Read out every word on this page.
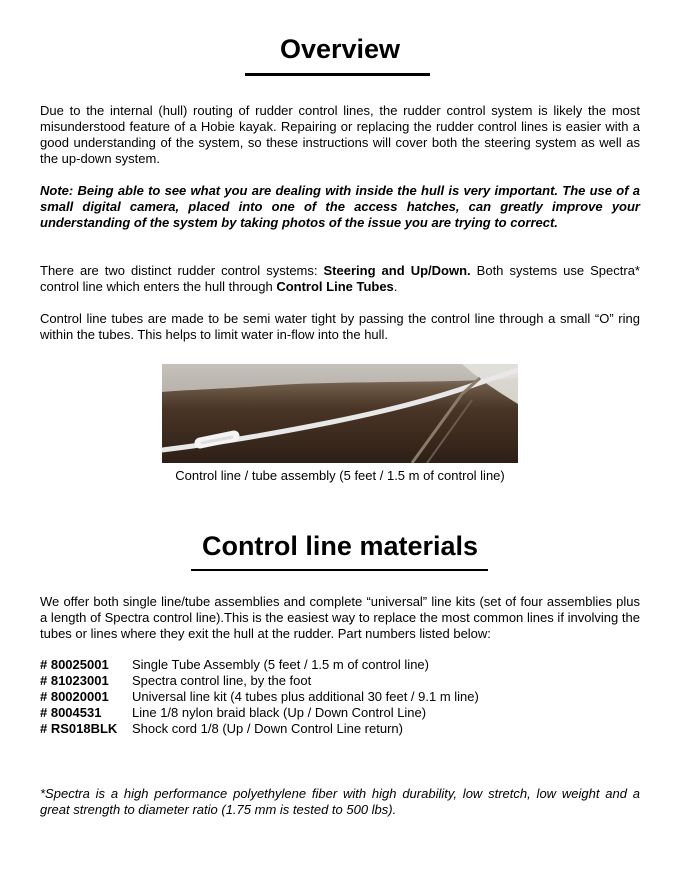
Overview

Due to the internal (hull) routing of rudder control lines, the rudder control system is likely the most misunderstood feature of a Hobie kayak. Repairing or replacing the rudder control lines is easier with a good understanding of the system, so these instructions will cover both the steering system as well as the up-down system.

Note: Being able to see what you are dealing with inside the hull is very important. The use of a small digital camera, placed into one of the access hatches, can greatly improve your understanding of the system by taking photos of the issue you are trying to correct.

There are two distinct rudder control systems: Steering and Up/Down. Both systems use Spectra* control line which enters the hull through Control Line Tubes.

Control line tubes are made to be semi water tight by passing the control line through a small “O” ring within the tubes. This helps to limit water in-flow into the hull.

Control line / tube assembly (5 feet / 1.5 m of control line)

Control line materials

We offer both single line/tube assemblies and complete “universal” line kits (set of four assemblies plus a length of Spectra control line).This is the easiest way to replace the most common lines if involving the tubes or lines where they exit the hull at the rudder. Part numbers listed below:

# 80025001	Single Tube Assembly (5 feet / 1.5 m of control line)
# 81023001	Spectra control line, by the foot
# 80020001	Universal line kit (4 tubes plus additional 30 feet / 9.1 m line)
# 8004531	Line 1/8 nylon braid black (Up / Down Control Line)
# RS018BLK	Shock cord 1/8 (Up / Down Control Line return)

*Spectra is a high performance polyethylene fiber with high durability, low stretch, low weight and a great strength to diameter ratio (1.75 mm is tested to 500 lbs).
